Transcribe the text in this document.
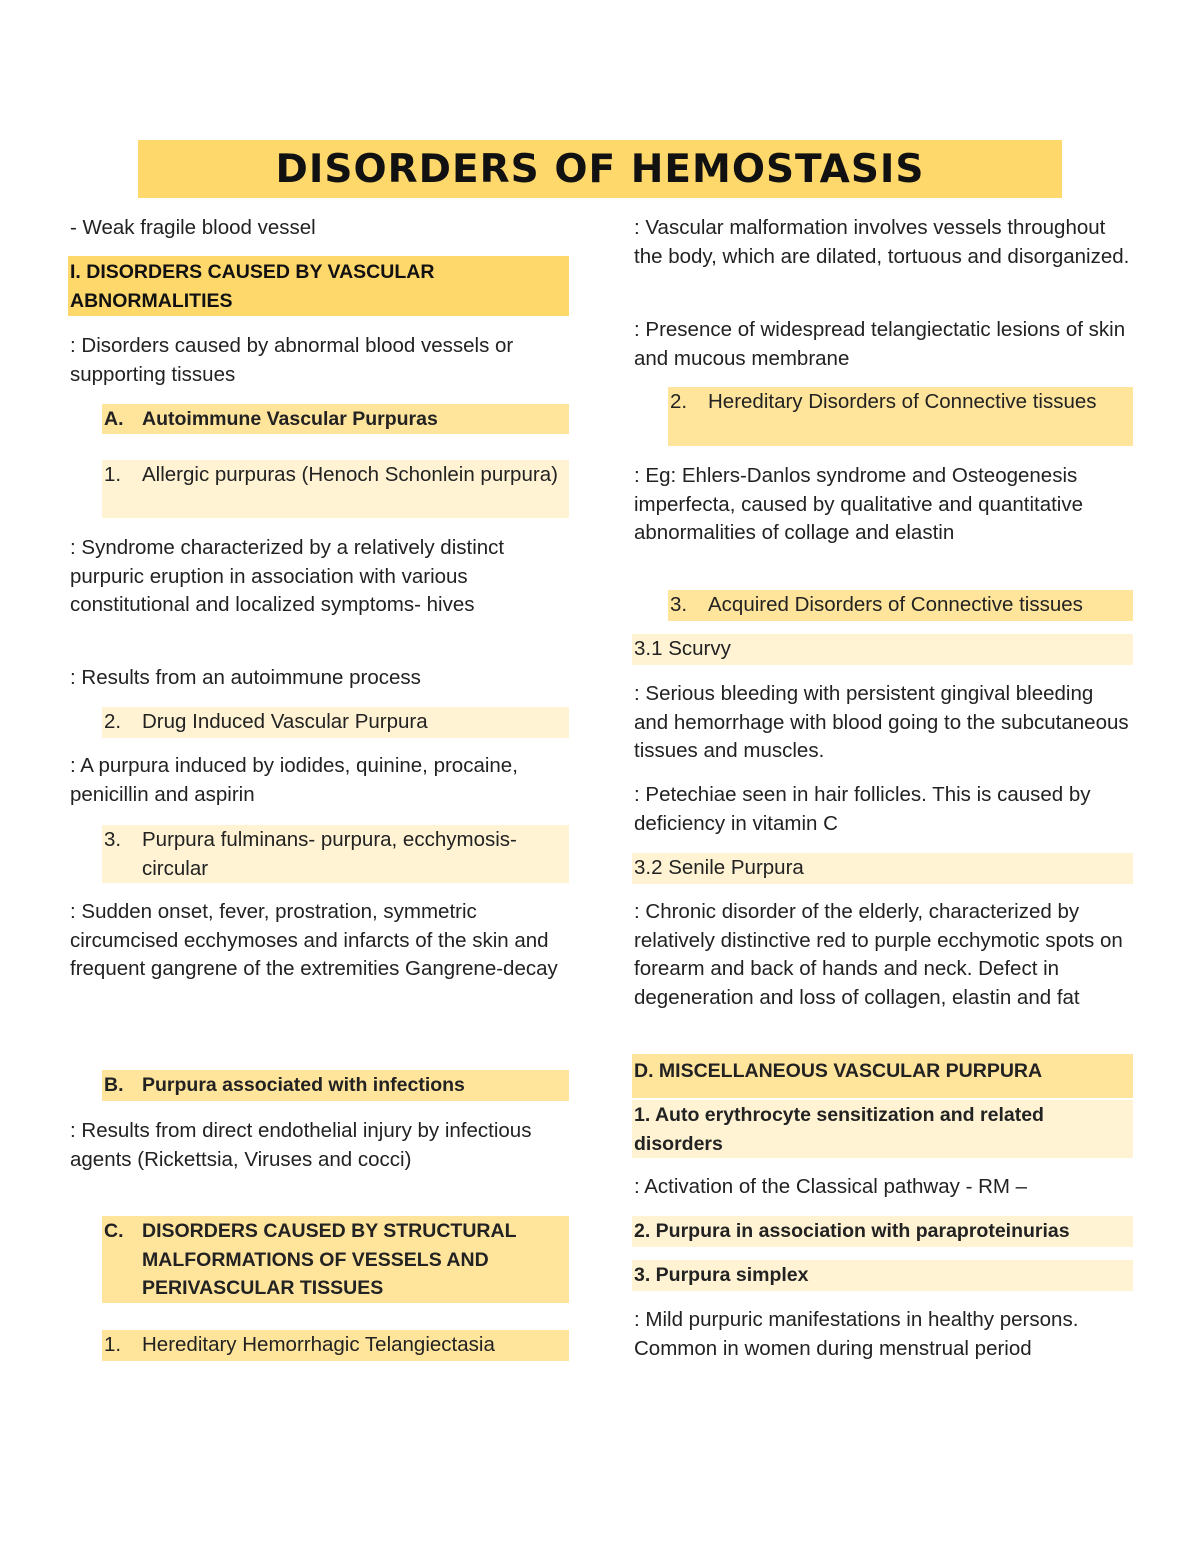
DISORDERS OF HEMOSTASIS

- Weak fragile blood vessel

I. DISORDERS CAUSED BY VASCULAR ABNORMALITIES

: Disorders caused by abnormal blood vessels or supporting tissues

A. Autoimmune Vascular Purpuras
1.	Allergic purpuras (Henoch Schonlein purpura)

: Syndrome characterized by a relatively distinct purpuric eruption in association with various constitutional and localized symptoms- hives

: Results from an autoimmune process

2.	Drug Induced Vascular Purpura

: A purpura induced by iodides, quinine, procaine, penicillin and aspirin

3.	Purpura fulminans- purpura, ecchymosis- circular

: Sudden onset, fever, prostration, symmetric circumcised ecchymoses and infarcts of the skin and frequent gangrene of the extremities Gangrene-decay

B. Purpura associated with infections

: Results from direct endothelial injury by infectious agents (Rickettsia, Viruses and cocci)

C. DISORDERS CAUSED BY STRUCTURAL MALFORMATIONS OF VESSELS AND PERIVASCULAR TISSUES
1.	Hereditary Hemorrhagic Telangiectasia

: Vascular malformation involves vessels throughout the body, which are dilated, tortuous and disorganized.

: Presence of widespread telangiectatic lesions of skin and mucous membrane

2.	Hereditary Disorders of Connective tissues

: Eg: Ehlers-Danlos syndrome and Osteogenesis imperfecta, caused by qualitative and quantitative abnormalities of collage and elastin

3.	Acquired Disorders of Connective tissues
3.1 Scurvy

: Serious bleeding with persistent gingival bleeding and hemorrhage with blood going to the subcutaneous tissues and muscles.

: Petechiae seen in hair follicles. This is caused by deficiency in vitamin C

3.2 Senile Purpura

: Chronic disorder of the elderly, characterized by relatively distinctive red to purple ecchymotic spots on forearm and back of hands and neck. Defect in degeneration and loss of collagen, elastin and fat

D. MISCELLANEOUS VASCULAR PURPURA
1. Auto erythrocyte sensitization and related disorders

: Activation of the Classical pathway - RM –

2. Purpura in association with paraproteinurias
3. Purpura simplex

: Mild purpuric manifestations in healthy persons. Common in women during menstrual period
